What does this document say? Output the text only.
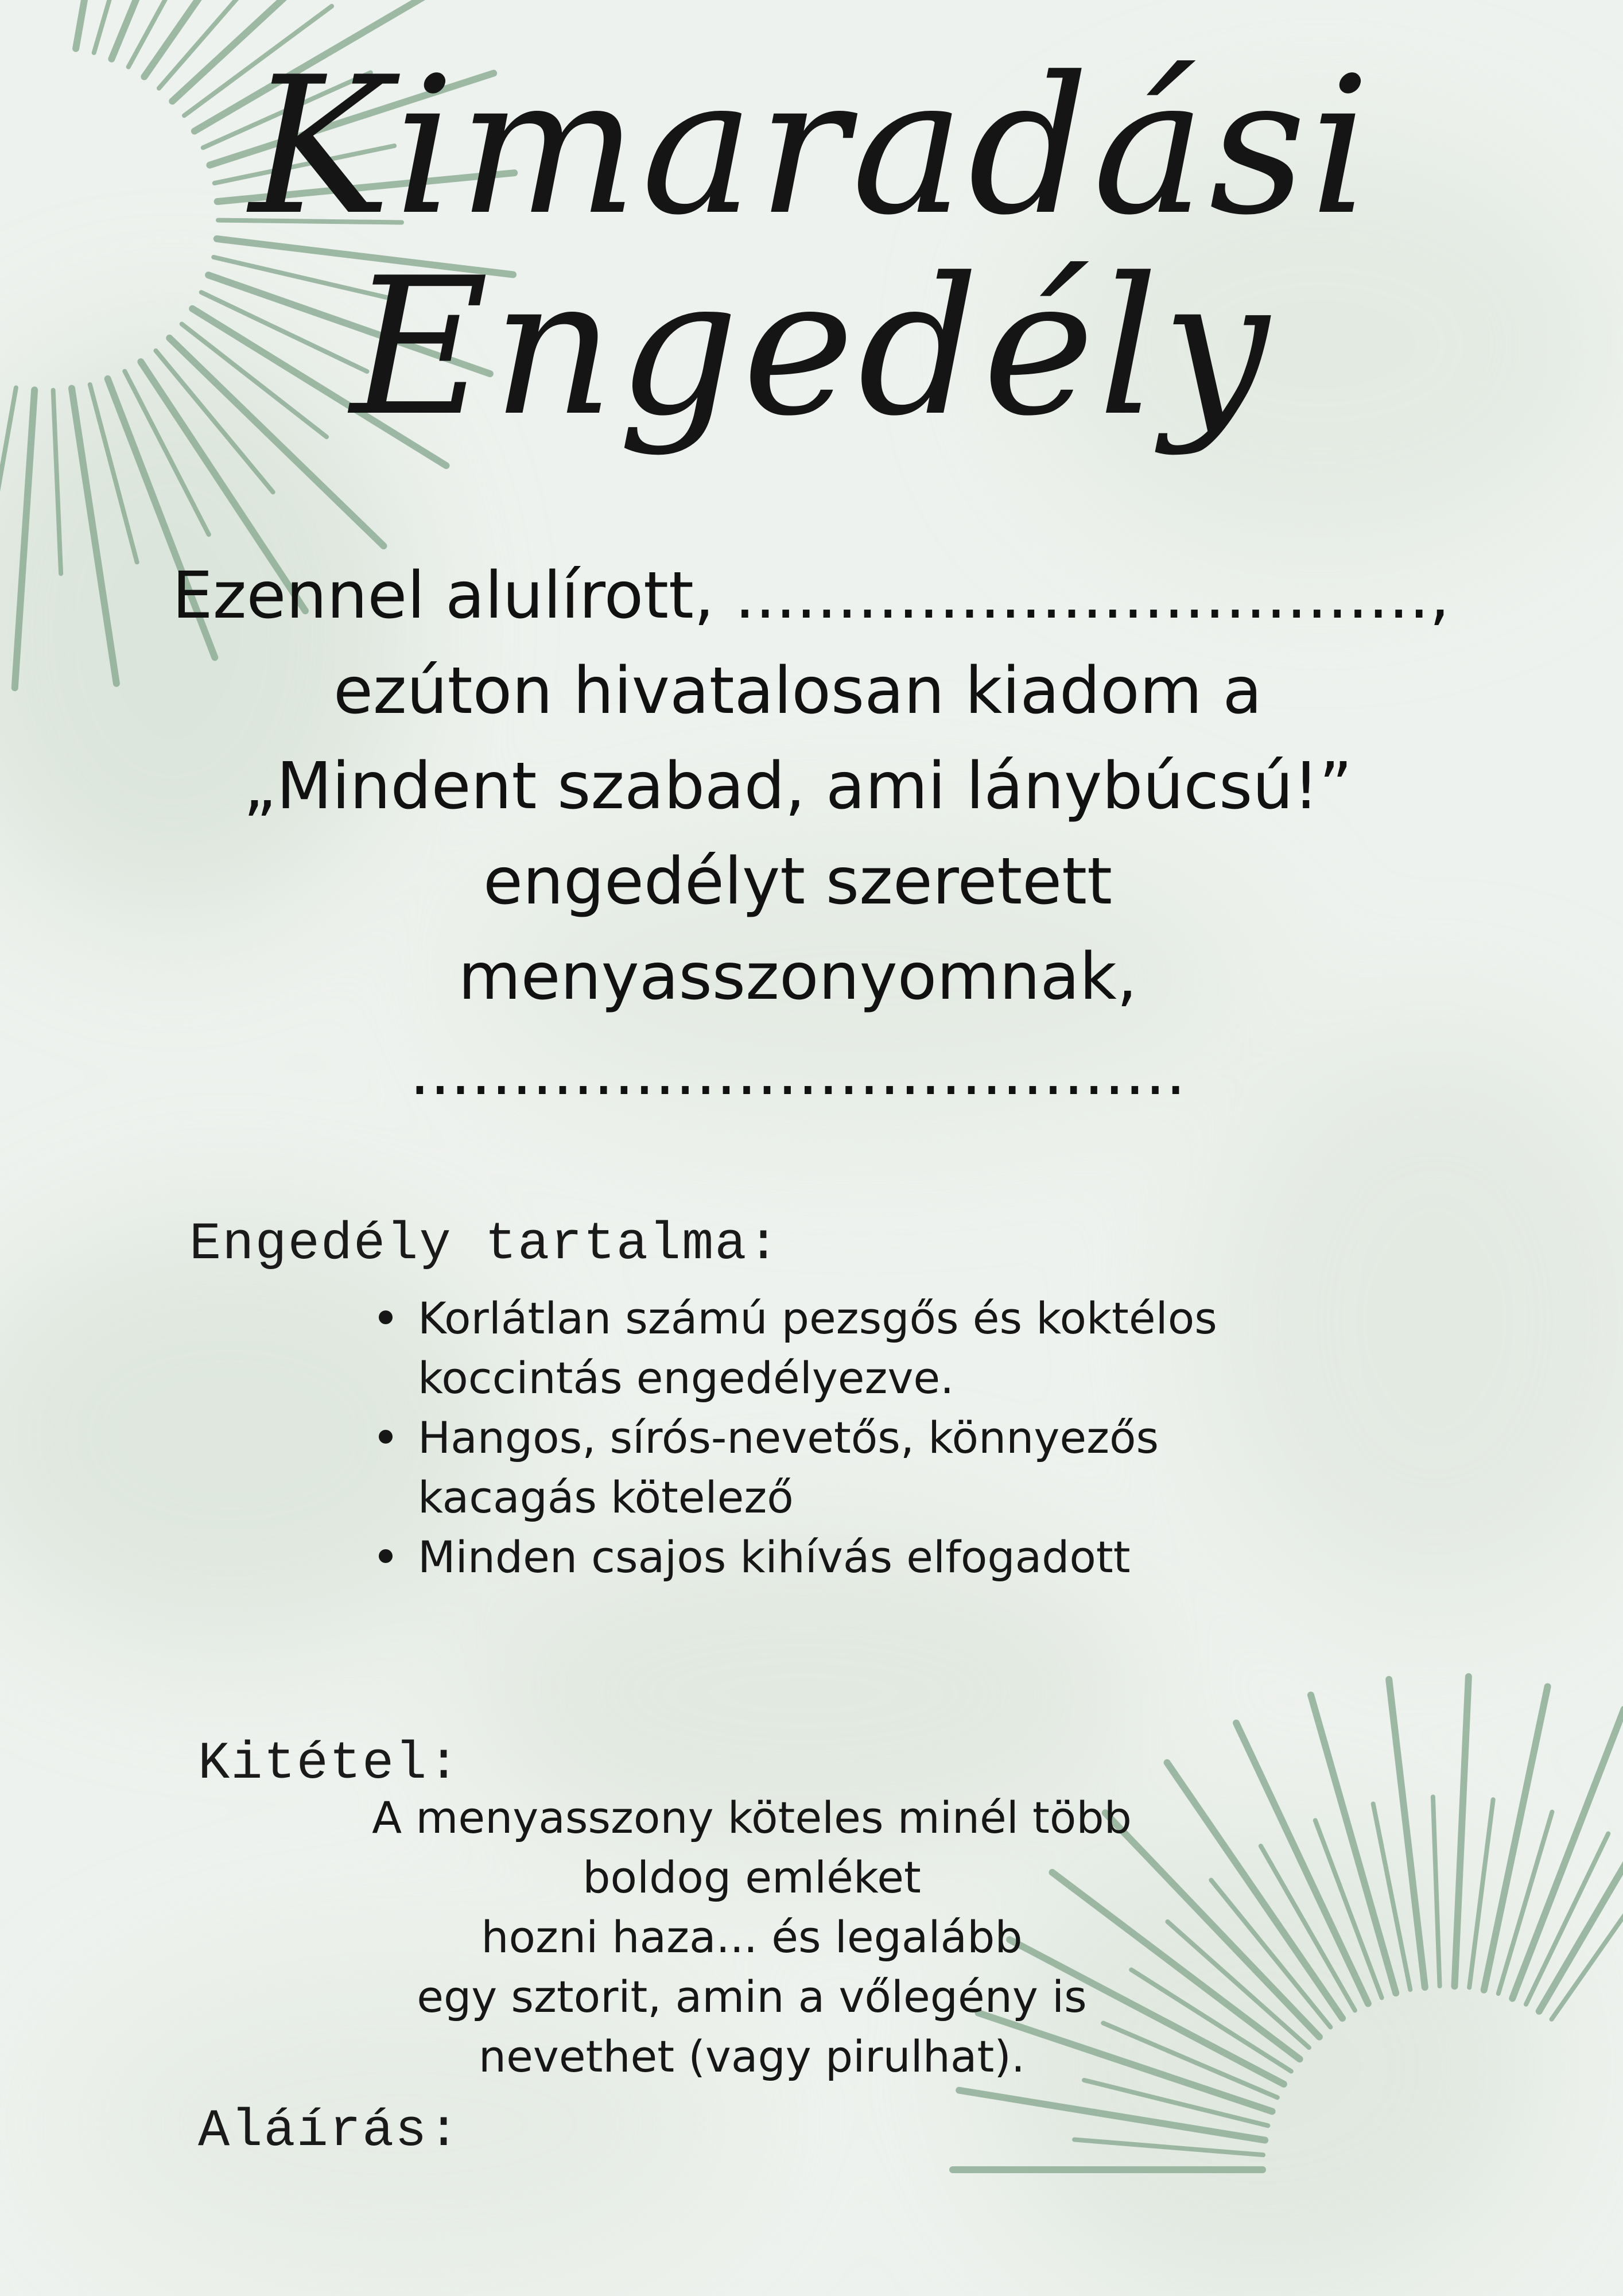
Kimaradási
Engedély
Ezennel alulírott, ..................................,
ezúton hivatalosan kiadom a
„Mindent szabad, ami lánybúcsú!”
engedélyt szeretett
menyasszonyomnak,
......................................
Engedély tartalma:
Korlátlan számú pezsgős és koktélos koccintás engedélyezve.
Hangos, sírós-nevetős, könnyezős kacagás kötelező
Minden csajos kihívás elfogadott
Kitétel:
A menyasszony köteles minél több
boldog emléket
hozni haza... és legalább
egy sztorit, amin a vőlegény is
nevethet (vagy pirulhat).
Aláírás:
